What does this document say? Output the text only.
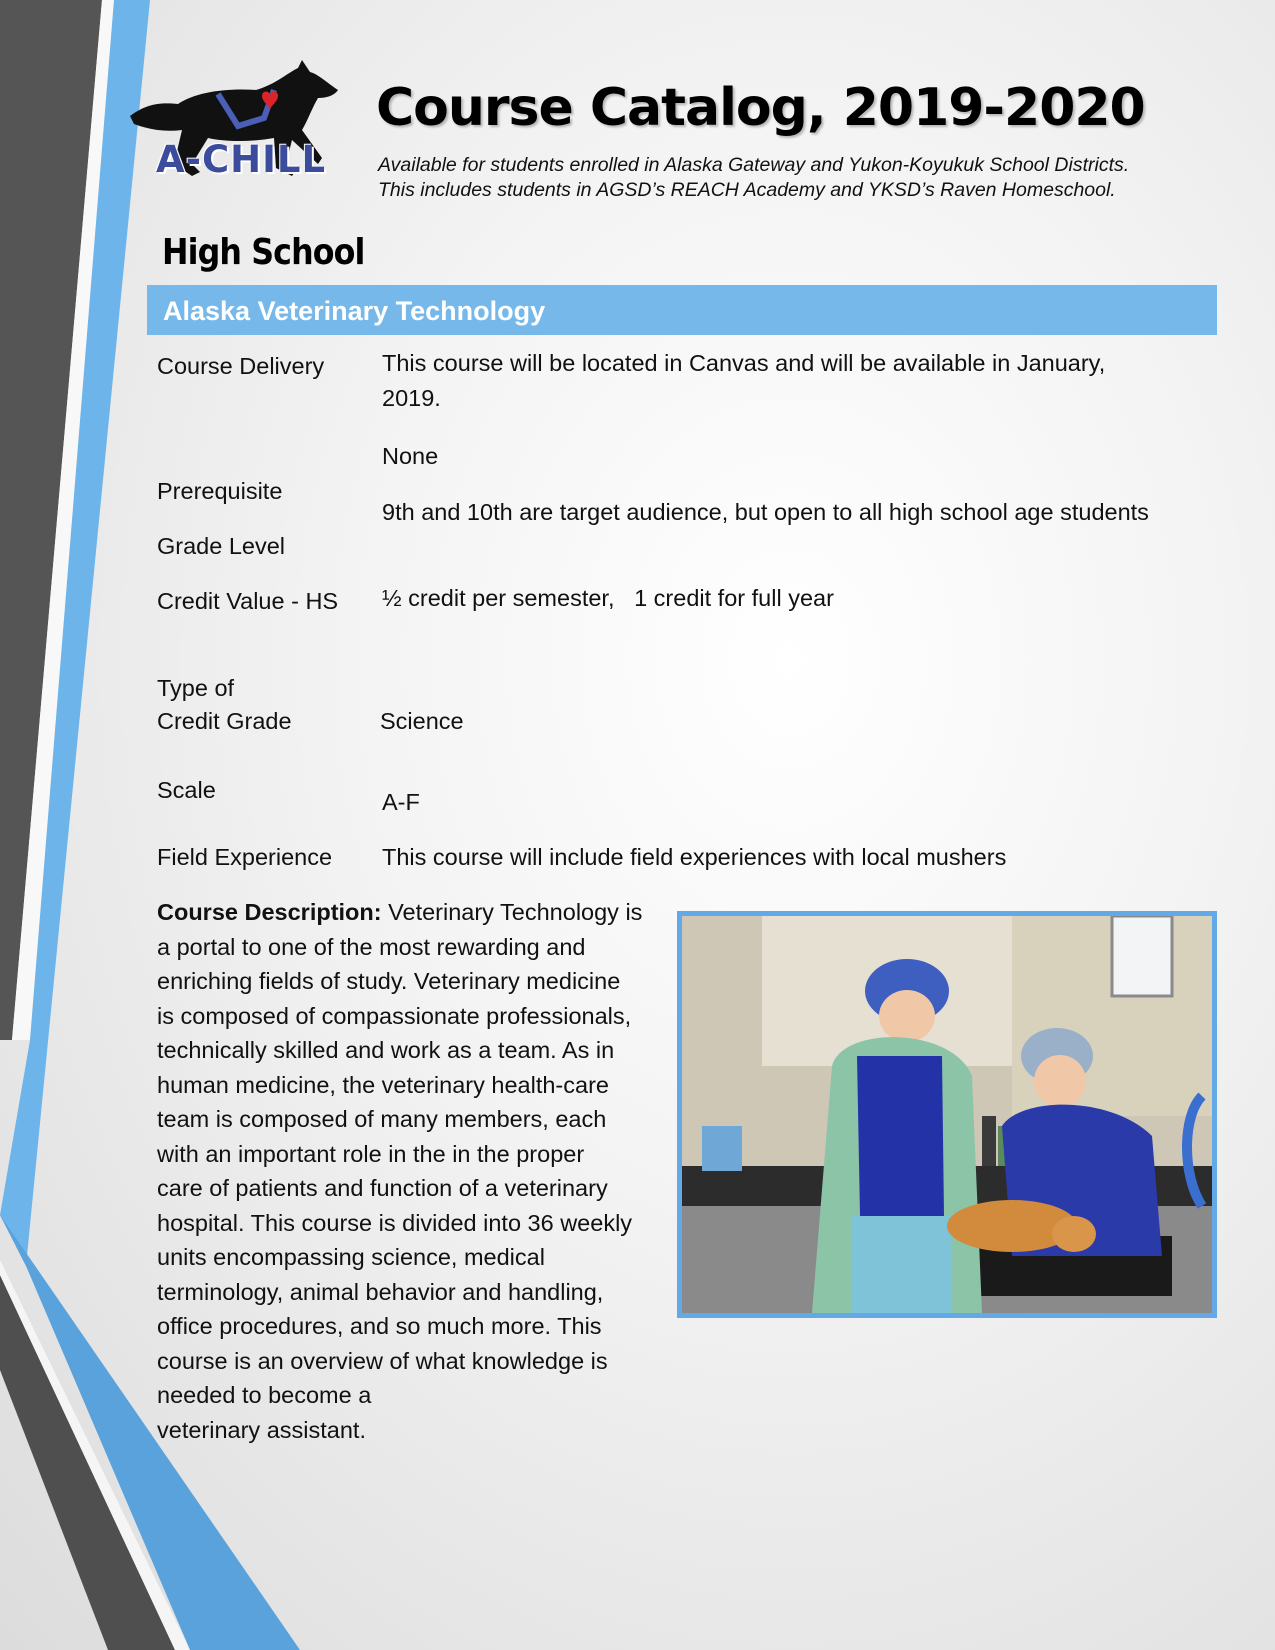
A-CHILL
Course Catalog, 2019-2020
Available for students enrolled in Alaska Gateway and Yukon-Koyukuk School Districts.
This includes students in AGSD’s REACH Academy and YKSD’s Raven Homeschool.
High School
Alaska Veterinary Technology
Course Delivery
Prerequisite
Grade Level
Credit Value - HS
Type of
Credit Grade
Scale
Field Experience
This course will be located in Canvas and will be available in January,
2019.
None
9th and 10th are target audience, but open to all high school age students
½ credit per semester,   1 credit for full year
Science
A-F
This course will include field experiences with local mushers
Course Description: Veterinary Technology is
a portal to one of the most rewarding and
enriching fields of study. Veterinary medicine
is composed of compassionate professionals,
technically skilled and work as a team. As in
human medicine, the veterinary health-care
team is composed of many members, each
with an important role in the in the proper
care of patients and function of a veterinary
hospital. This course is divided into 36 weekly
units encompassing science, medical
terminology, animal behavior and handling,
office procedures, and so much more. This
course is an overview of what knowledge is
needed to become a
veterinary assistant.
